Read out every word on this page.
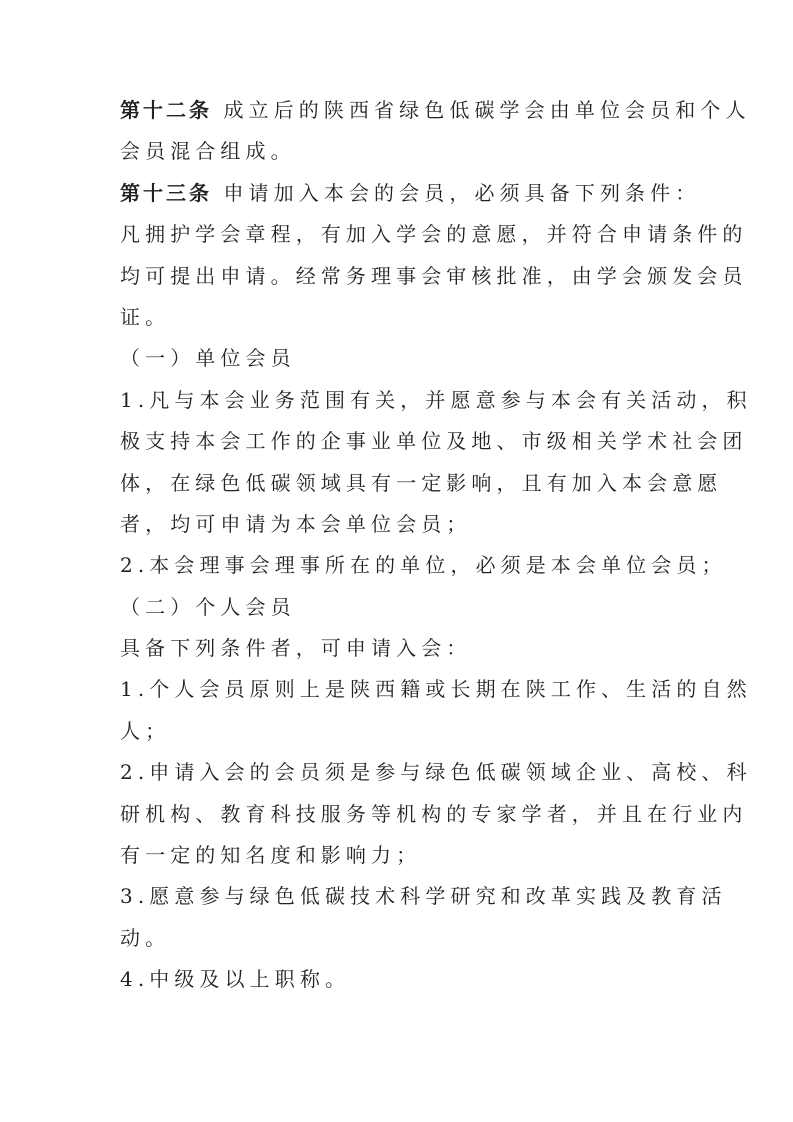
第十二条 成立后的陕西省绿色低碳学会由单位会员和个人
会员混合组成。
第十三条 申请加入本会的会员，必须具备下列条件：
凡拥护学会章程，有加入学会的意愿，并符合申请条件的
均可提出申请。经常务理事会审核批准，由学会颁发会员
证。
（一）单位会员
1.凡与本会业务范围有关，并愿意参与本会有关活动，积
极支持本会工作的企事业单位及地、市级相关学术社会团
体，在绿色低碳领域具有一定影响，且有加入本会意愿
者，均可申请为本会单位会员；
2.本会理事会理事所在的单位，必须是本会单位会员；
（二）个人会员
具备下列条件者，可申请入会：
1.个人会员原则上是陕西籍或长期在陕工作、生活的自然
人；
2.申请入会的会员须是参与绿色低碳领域企业、高校、科
研机构、教育科技服务等机构的专家学者，并且在行业内
有一定的知名度和影响力；
3.愿意参与绿色低碳技术科学研究和改革实践及教育活
动。
4.中级及以上职称。
